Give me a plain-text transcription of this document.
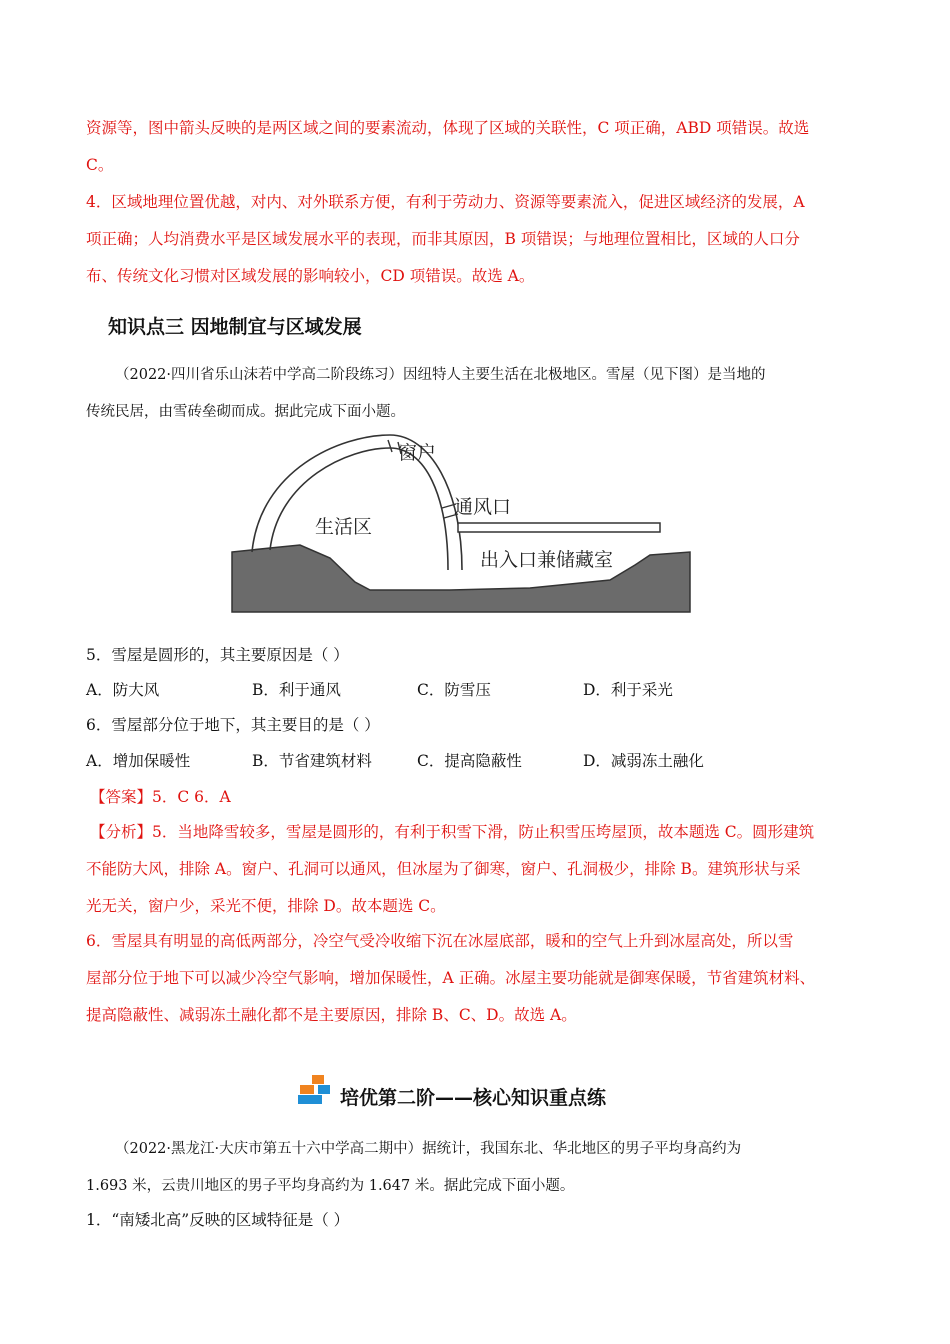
资源等，图中箭头反映的是两区域之间的要素流动，体现了区域的关联性，C 项正确，ABD 项错误。故选
C。
4．区域地理位置优越，对内、对外联系方便，有利于劳动力、资源等要素流入，促进区域经济的发展，A
项正确；人均消费水平是区域发展水平的表现，而非其原因，B 项错误；与地理位置相比，区域的人口分
布、传统文化习惯对区域发展的影响较小，CD 项错误。故选 A。
知识点三 因地制宜与区域发展
（2022·四川省乐山沫若中学高二阶段练习）因纽特人主要生活在北极地区。雪屋（见下图）是当地的
传统民居，由雪砖垒砌而成。据此完成下面小题。
窗户
通风口
生活区
出入口兼储藏室
5．雪屋是圆形的，其主要原因是（ ）
A．防大风	B．利于通风	C．防雪压	D．利于采光
6．雪屋部分位于地下，其主要目的是（ ）
A．增加保暖性	B．节省建筑材料	C．提高隐蔽性	D．减弱冻土融化
【答案】5．C 6．A
【分析】5．当地降雪较多，雪屋是圆形的，有利于积雪下滑，防止积雪压垮屋顶，故本题选 C。圆形建筑
不能防大风，排除 A。窗户、孔洞可以通风，但冰屋为了御寒，窗户、孔洞极少，排除 B。建筑形状与采
光无关，窗户少，采光不便，排除 D。故本题选 C。
6．雪屋具有明显的高低两部分，冷空气受冷收缩下沉在冰屋底部，暖和的空气上升到冰屋高处，所以雪
屋部分位于地下可以减少冷空气影响，增加保暖性，A 正确。冰屋主要功能就是御寒保暖，节省建筑材料、
提高隐蔽性、减弱冻土融化都不是主要原因，排除 B、C、D。故选 A。
培优第二阶——核心知识重点练
（2022·黑龙江·大庆市第五十六中学高二期中）据统计，我国东北、华北地区的男子平均身高约为
1.693 米，云贵川地区的男子平均身高约为 1.647 米。据此完成下面小题。
1．“南矮北高”反映的区域特征是（ ）
